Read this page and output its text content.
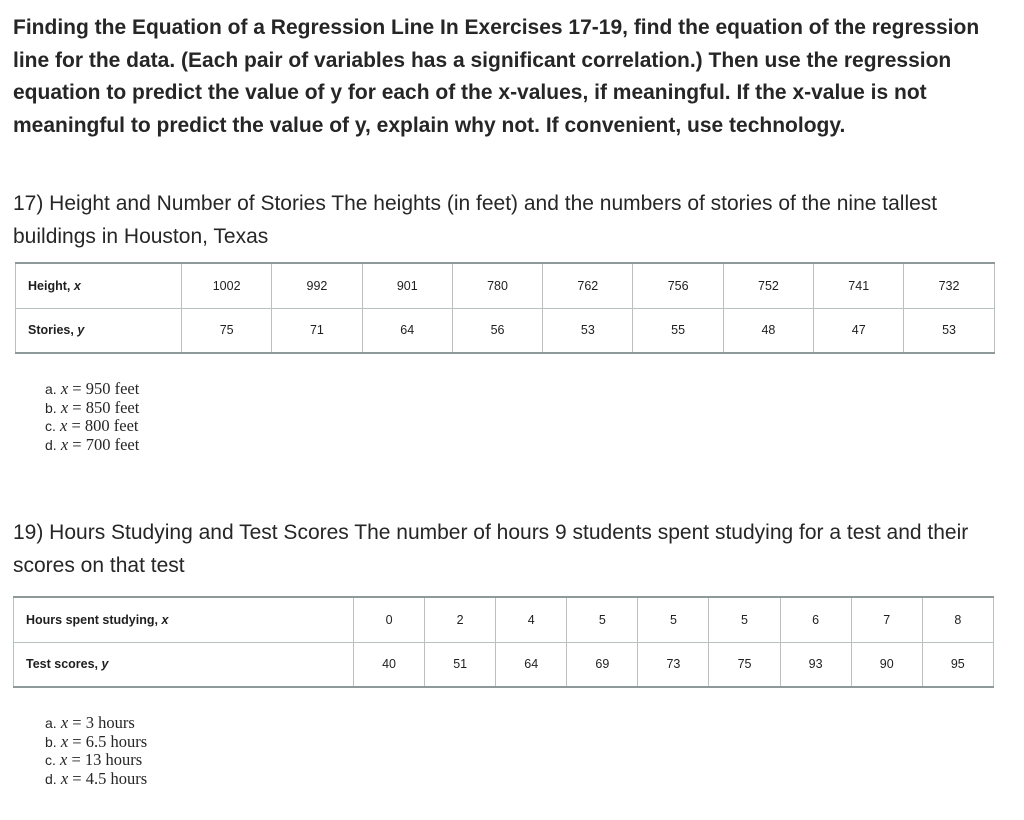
Finding the Equation of a Regression Line In Exercises 17-19, find the equation of the regression line for the data. (Each pair of variables has a significant correlation.) Then use the regression equation to predict the value of y for each of the x-values, if meaningful. If the x-value is not meaningful to predict the value of y, explain why not. If convenient, use technology.
17) Height and Number of Stories The heights (in feet) and the numbers of stories of the nine tallest buildings in Houston, Texas
Height, x	1002	992	901	780	762	756	752	741	732
Stories, y	75	71	64	56	53	55	48	47	53
a. x = 950 feet
b. x = 850 feet
c. x = 800 feet
d. x = 700 feet
19) Hours Studying and Test Scores The number of hours 9 students spent studying for a test and their scores on that test
Hours spent studying, x	0	2	4	5	5	5	6	7	8
Test scores, y	40	51	64	69	73	75	93	90	95
a. x = 3 hours
b. x = 6.5 hours
c. x = 13 hours
d. x = 4.5 hours
